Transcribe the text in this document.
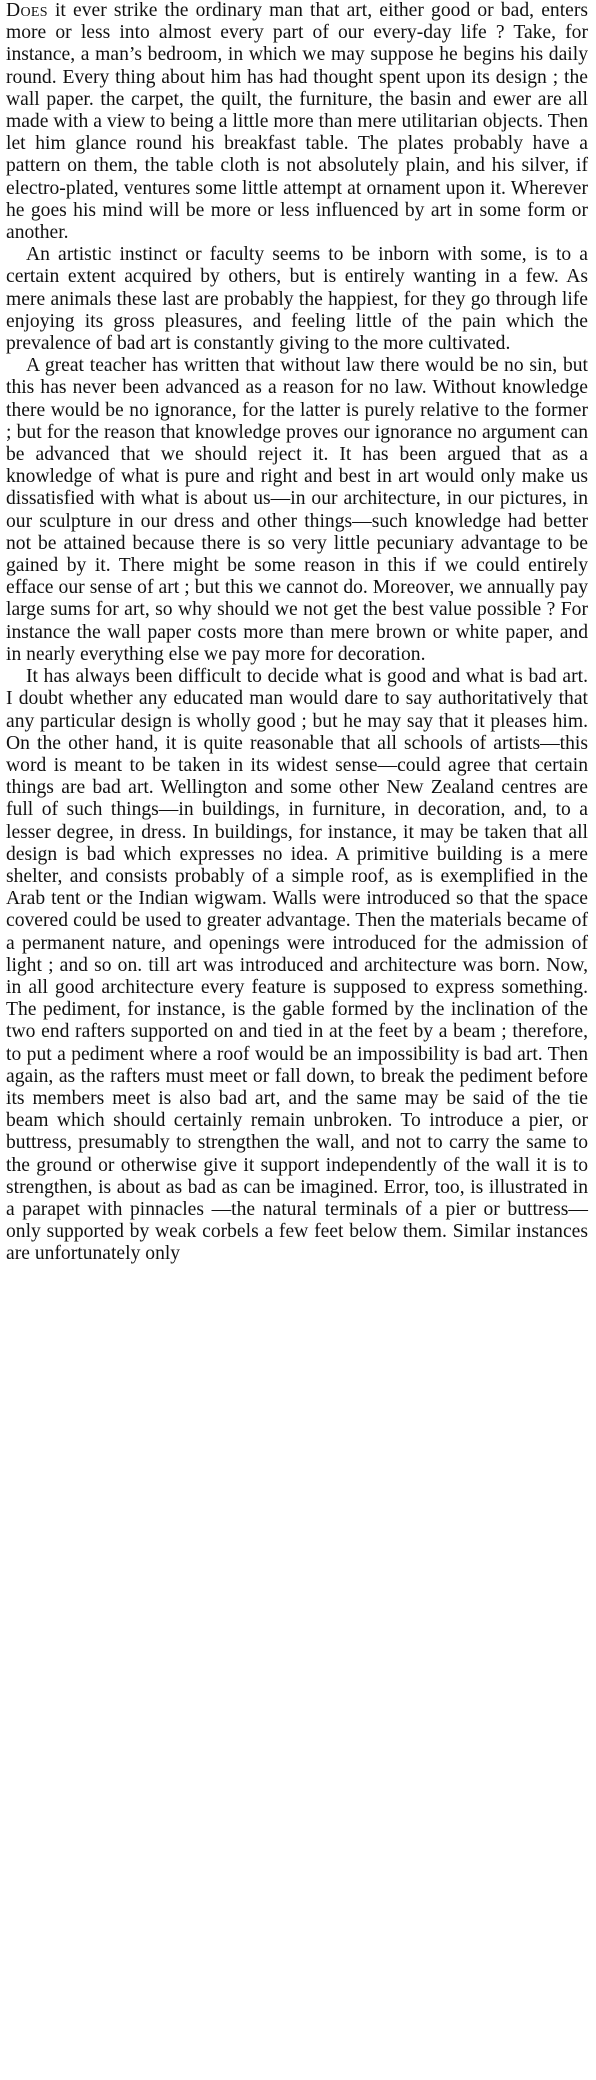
Does it ever strike the ordinary man that art, either good or bad, enters more or less into almost every part of our every-day life ? Take, for instance, a man’s bedroom, in which we may suppose he begins his daily round. Every thing about him has had thought spent upon its design ; the wall paper. the carpet, the quilt, the furniture, the basin and ewer are all made with a view to being a little more than mere utilitarian objects. Then let him glance round his breakfast table. The plates probably have a pattern on them, the table cloth is not absolutely plain, and his silver, if electro-plated, ventures some little attempt at ornament upon it. Wherever he goes his mind will be more or less influenced by art in some form or another.

An artistic instinct or faculty seems to be inborn with some, is to a certain extent acquired by others, but is entirely wanting in a few. As mere animals these last are probably the happiest, for they go through life enjoying its gross pleasures, and feeling little of the pain which the prevalence of bad art is constantly giving to the more cultivated.

A great teacher has written that without law there would be no sin, but this has never been advanced as a reason for no law. Without knowledge there would be no ignorance, for the latter is purely relative to the former ; but for the reason that knowledge proves our ignorance no argument can be advanced that we should reject it. It has been argued that as a knowledge of what is pure and right and best in art would only make us dissatisfied with what is about us—in our architecture, in our pictures, in our sculpture in our dress and other things—such knowledge had better not be attained because there is so very little pecuniary advantage to be gained by it. There might be some reason in this if we could entirely efface our sense of art ; but this we cannot do. Moreover, we annually pay large sums for art, so why should we not get the best value possible ? For instance the wall paper costs more than mere brown or white paper, and in nearly everything else we pay more for decoration.

It has always been difficult to decide what is good and what is bad art. I doubt whether any educated man would dare to say authoritatively that any particular design is wholly good ; but he may say that it pleases him. On the other hand, it is quite reasonable that all schools of artists—this word is meant to be taken in its widest sense—could agree that certain things are bad art. Wellington and some other New Zealand centres are full of such things—in buildings, in furniture, in decoration, and, to a lesser degree, in dress. In buildings, for instance, it may be taken that all design is bad which expresses no idea. A primitive building is a mere shelter, and consists probably of a simple roof, as is exemplified in the Arab tent or the Indian wigwam. Walls were introduced so that the space covered could be used to greater advantage. Then the materials became of a permanent nature, and openings were introduced for the admission of light ; and so on. till art was introduced and architecture was born. Now, in all good architecture every feature is supposed to express something. The pediment, for instance, is the gable formed by the inclination of the two end rafters supported on and tied in at the feet by a beam ; therefore, to put a pediment where a roof would be an impossibility is bad art. Then again, as the rafters must meet or fall down, to break the pediment before its members meet is also bad art, and the same may be said of the tie beam which should certainly remain unbroken. To introduce a pier, or buttress, presumably to strengthen the wall, and not to carry the same to the ground or otherwise give it support independently of the wall it is to strengthen, is about as bad as can be imagined. Error, too, is illustrated in a parapet with pinnacles —the natural terminals of a pier or buttress— only supported by weak corbels a few feet below them. Similar instances are unfortunately only
